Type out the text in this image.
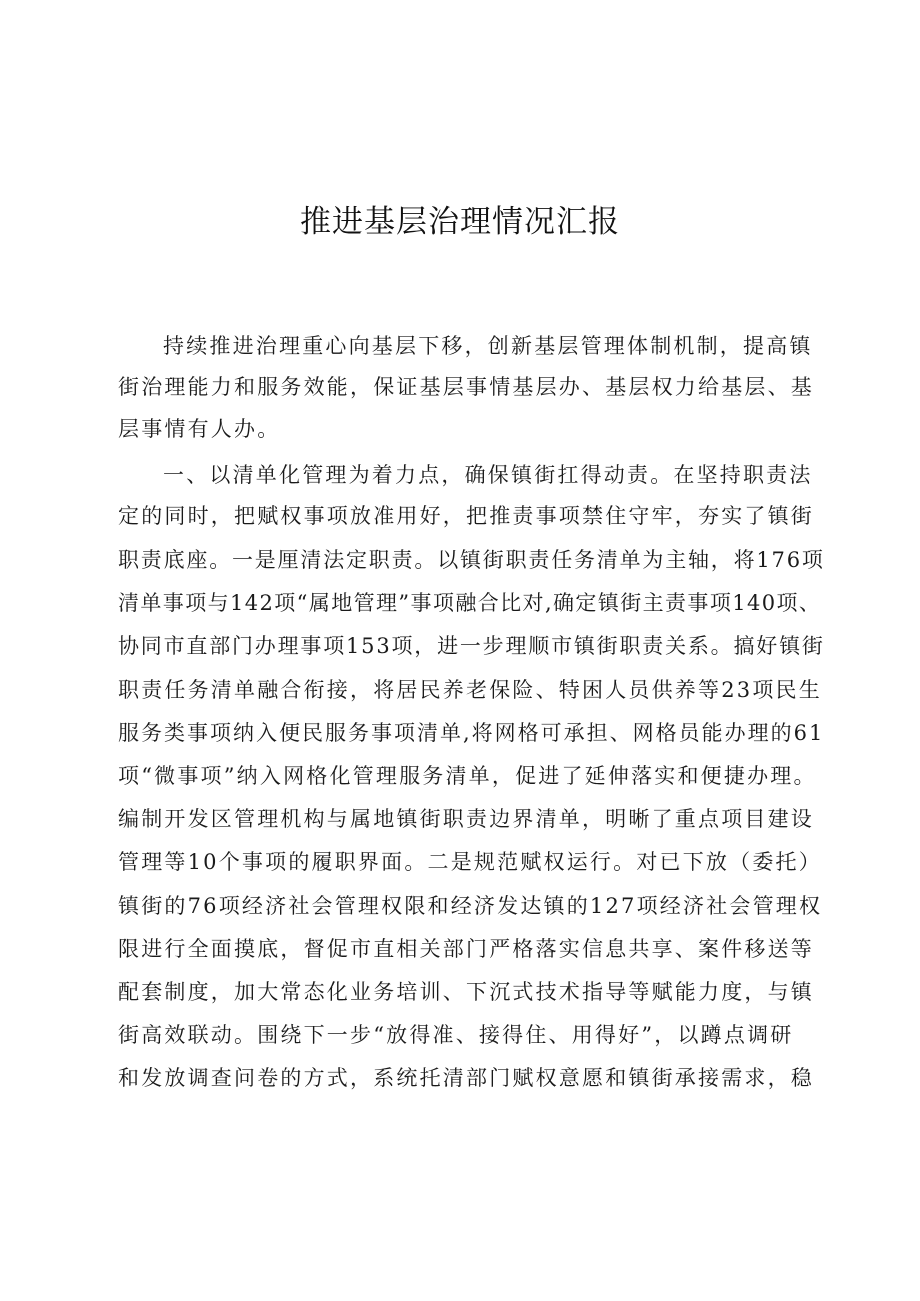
推进基层治理情况汇报

持续推进治理重心向基层下移，创新基层管理体制机制，提高镇

街治理能力和服务效能，保证基层事情基层办、基层权力给基层、基

层事情有人办。

一、以清单化管理为着力点，确保镇街扛得动责。在坚持职责法

定的同时，把赋权事项放准用好，把推责事项禁住守牢，夯实了镇街

职责底座。一是厘清法定职责。以镇街职责任务清单为主轴，将176项

清单事项与142项“属地管理”事项融合比对,确定镇街主责事项140项、

协同市直部门办理事项153项，进一步理顺市镇街职责关系。搞好镇街

职责任务清单融合衔接，将居民养老保险、特困人员供养等23项民生

服务类事项纳入便民服务事项清单,将网格可承担、网格员能办理的61

项“微事项”纳入网格化管理服务清单，促进了延伸落实和便捷办理。

编制开发区管理机构与属地镇街职责边界清单，明晰了重点项目建设

管理等10个事项的履职界面。二是规范赋权运行。对已下放（委托）

镇街的76项经济社会管理权限和经济发达镇的127项经济社会管理权

限进行全面摸底，督促市直相关部门严格落实信息共享、案件移送等

配套制度，加大常态化业务培训、下沉式技术指导等赋能力度，与镇

街高效联动。围绕下一步“放得准、接得住、用得好”，以蹲点调研

和发放调查问卷的方式，系统托清部门赋权意愿和镇街承接需求，稳
